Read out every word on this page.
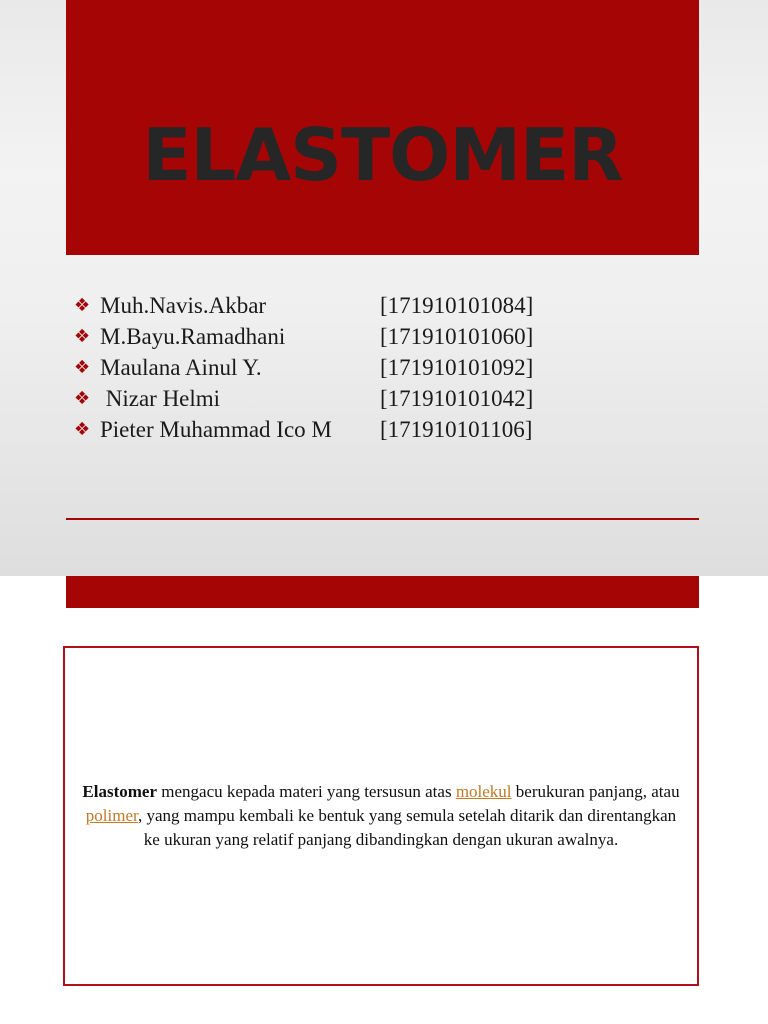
ELASTOMER
❖ Muh.Navis.Akbar	[171910101084]
❖ M.Bayu.Ramadhani	[171910101060]
❖ Maulana Ainul Y.	[171910101092]
❖ Nizar Helmi	[171910101042]
❖ Pieter Muhammad Ico M	[171910101106]

Elastomer mengacu kepada materi yang tersusun atas molekul berukuran panjang, atau polimer, yang mampu kembali ke bentuk yang semula setelah ditarik dan direntangkan ke ukuran yang relatif panjang dibandingkan dengan ukuran awalnya.
